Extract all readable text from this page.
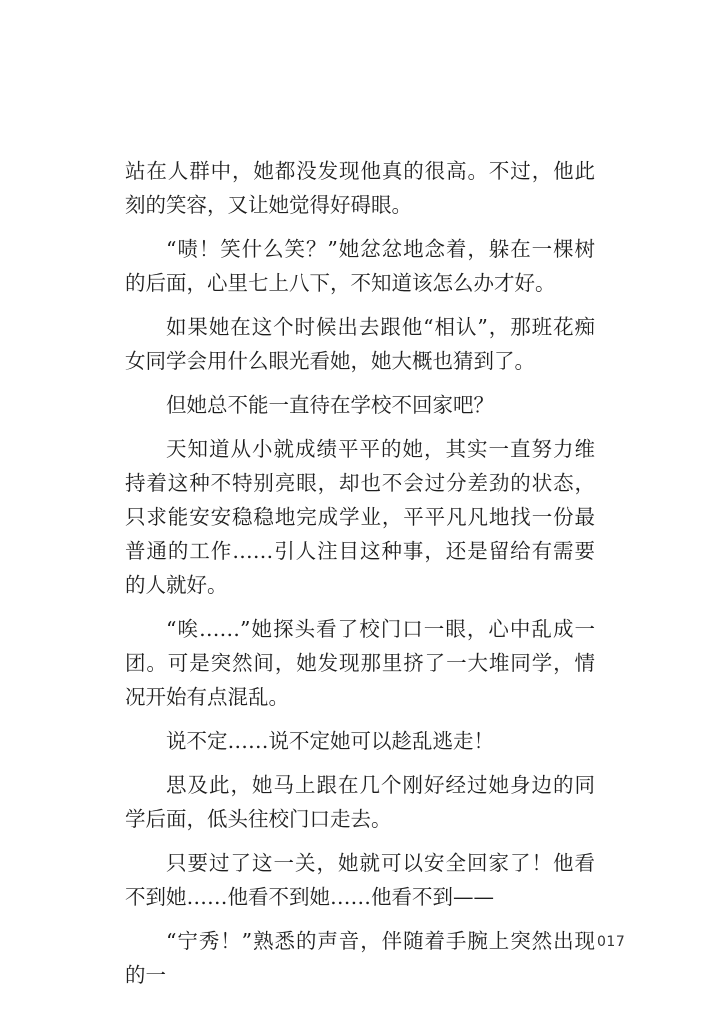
站在人群中，她都没发现他真的很高。不过，他此刻的笑容，又让她觉得好碍眼。

“啧！笑什么笑？”她忿忿地念着，躲在一棵树的后面，心里七上八下，不知道该怎么办才好。

如果她在这个时候出去跟他“相认”，那班花痴女同学会用什么眼光看她，她大概也猜到了。

但她总不能一直待在学校不回家吧？

天知道从小就成绩平平的她，其实一直努力维持着这种不特别亮眼，却也不会过分差劲的状态，只求能安安稳稳地完成学业，平平凡凡地找一份最普通的工作……引人注目这种事，还是留给有需要的人就好。

“唉……”她探头看了校门口一眼，心中乱成一团。可是突然间，她发现那里挤了一大堆同学，情况开始有点混乱。

说不定……说不定她可以趁乱逃走！

思及此，她马上跟在几个刚好经过她身边的同学后面，低头往校门口走去。

只要过了这一关，她就可以安全回家了！他看不到她……他看不到她……他看不到——

“宁秀！”熟悉的声音，伴随着手腕上突然出现的一

017
